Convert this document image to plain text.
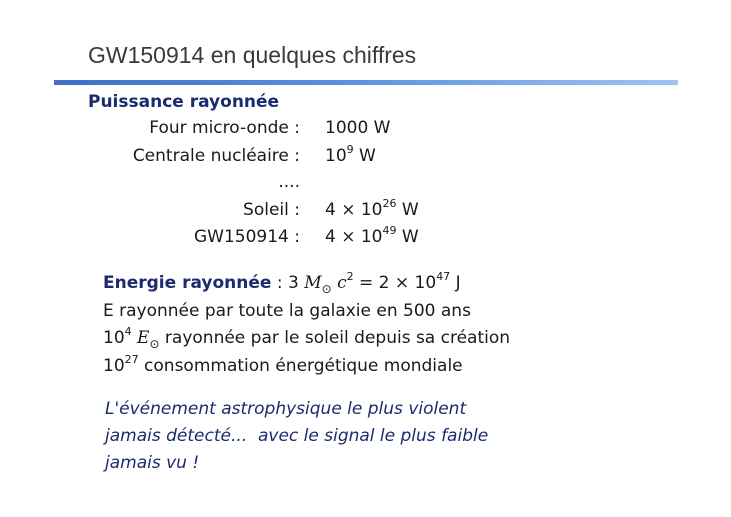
GW150914 en quelques chiffres
Puissance rayonnée
Four micro-onde : 1000 W
Centrale nucléaire : $10^9$ W
....
Soleil : $4 \times 10^{26}$ W
GW150914 : $4 \times 10^{49}$ W
Energie rayonnée : 3 $M_⊙$ $c^2 = 2 \times 10^{47}$ J
E rayonnée par toute la galaxie en 500 ans
$10^4$ $E_⊙$ rayonnée par le soleil depuis sa création
$10^{27}$ consommation énergétique mondiale
L'événement astrophysique le plus violent
jamais détecté...  avec le signal le plus faible
jamais vu !
